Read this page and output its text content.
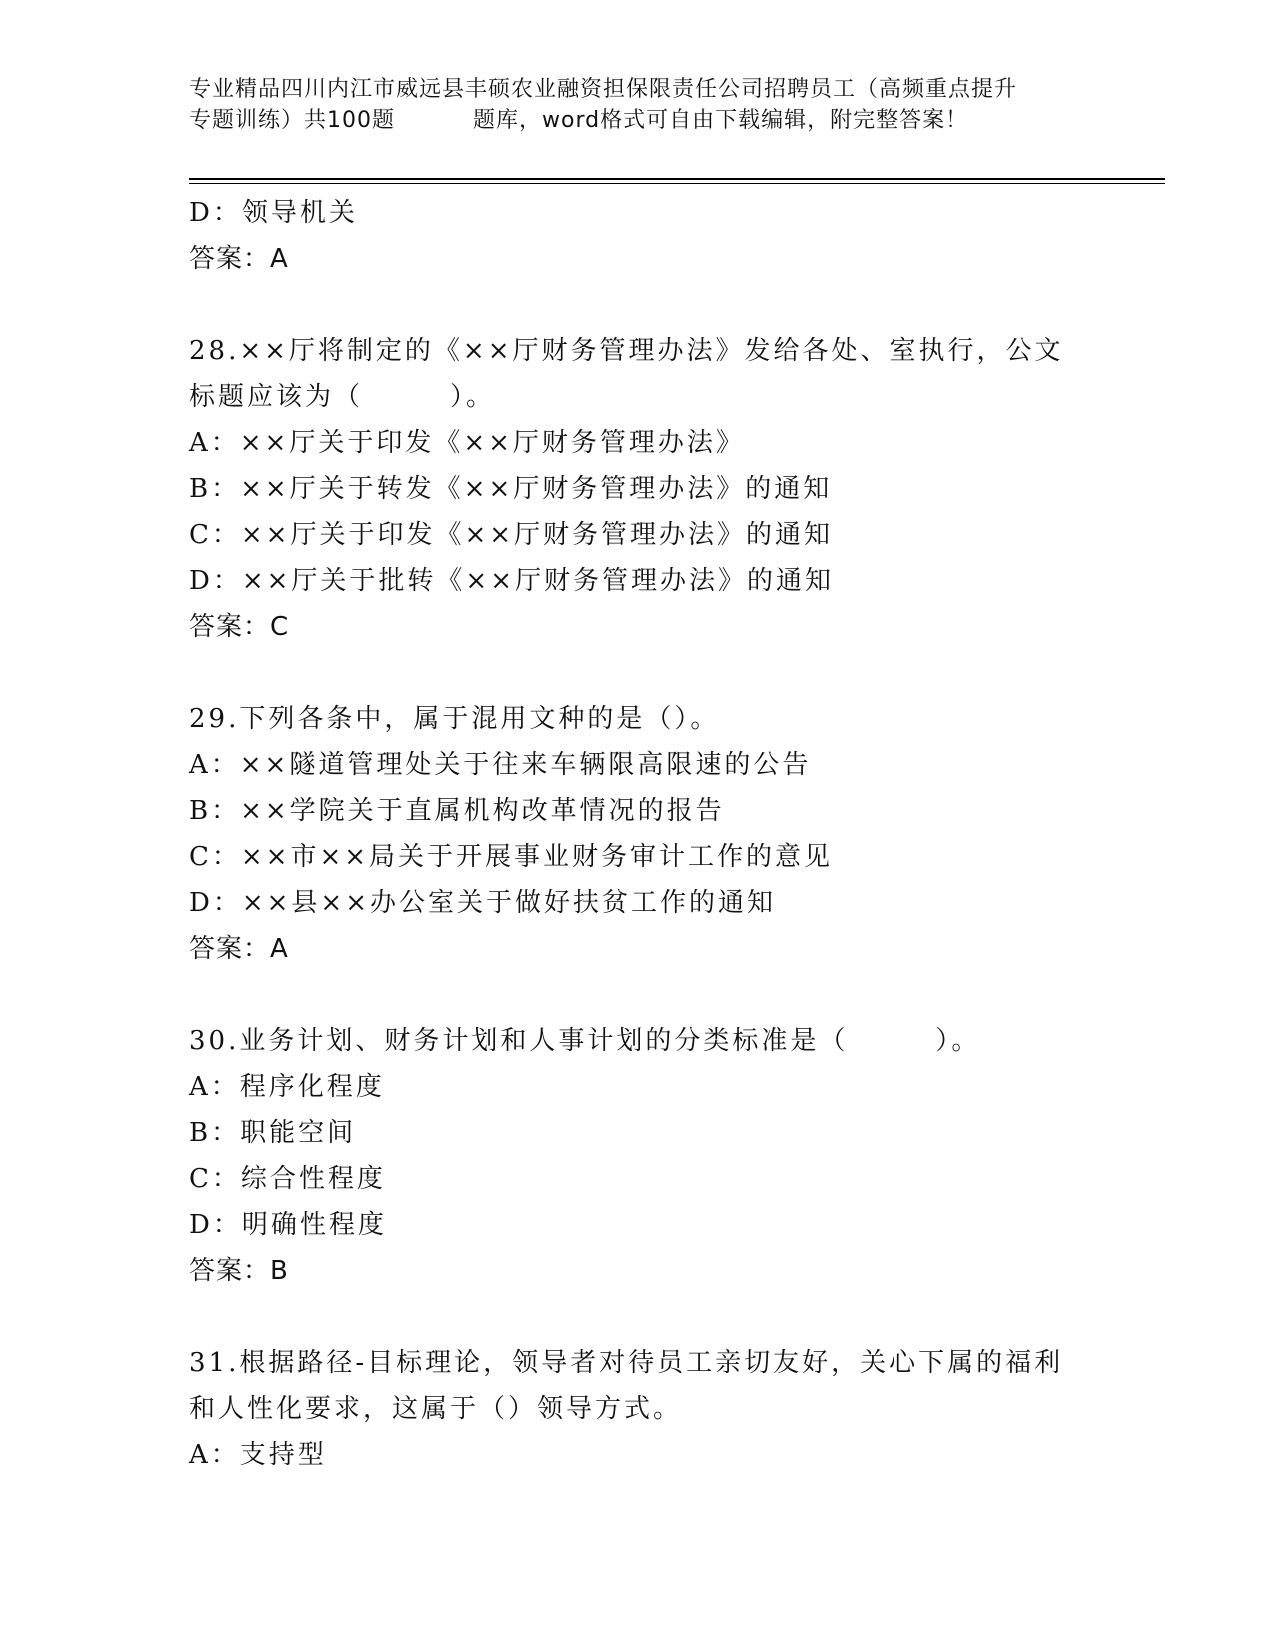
专业精品四川内江市威远县丰硕农业融资担保限责任公司招聘员工（高频重点提升
专题训练）共100题	题库，word格式可自由下载编辑，附完整答案！
D：领导机关
答案：A
28.××厅将制定的《××厅财务管理办法》发给各处、室执行，公文
标题应该为（　　　）。
A：××厅关于印发《××厅财务管理办法》
B：××厅关于转发《××厅财务管理办法》的通知
C：××厅关于印发《××厅财务管理办法》的通知
D：××厅关于批转《××厅财务管理办法》的通知
答案：C
29.下列各条中，属于混用文种的是（）。
A：××隧道管理处关于往来车辆限高限速的公告
B：××学院关于直属机构改革情况的报告
C：××市××局关于开展事业财务审计工作的意见
D：××县××办公室关于做好扶贫工作的通知
答案：A
30.业务计划、财务计划和人事计划的分类标准是（　　　）。
A：程序化程度
B：职能空间
C：综合性程度
D：明确性程度
答案：B
31.根据路径-目标理论，领导者对待员工亲切友好，关心下属的福利
和人性化要求，这属于（）领导方式。
A：支持型
